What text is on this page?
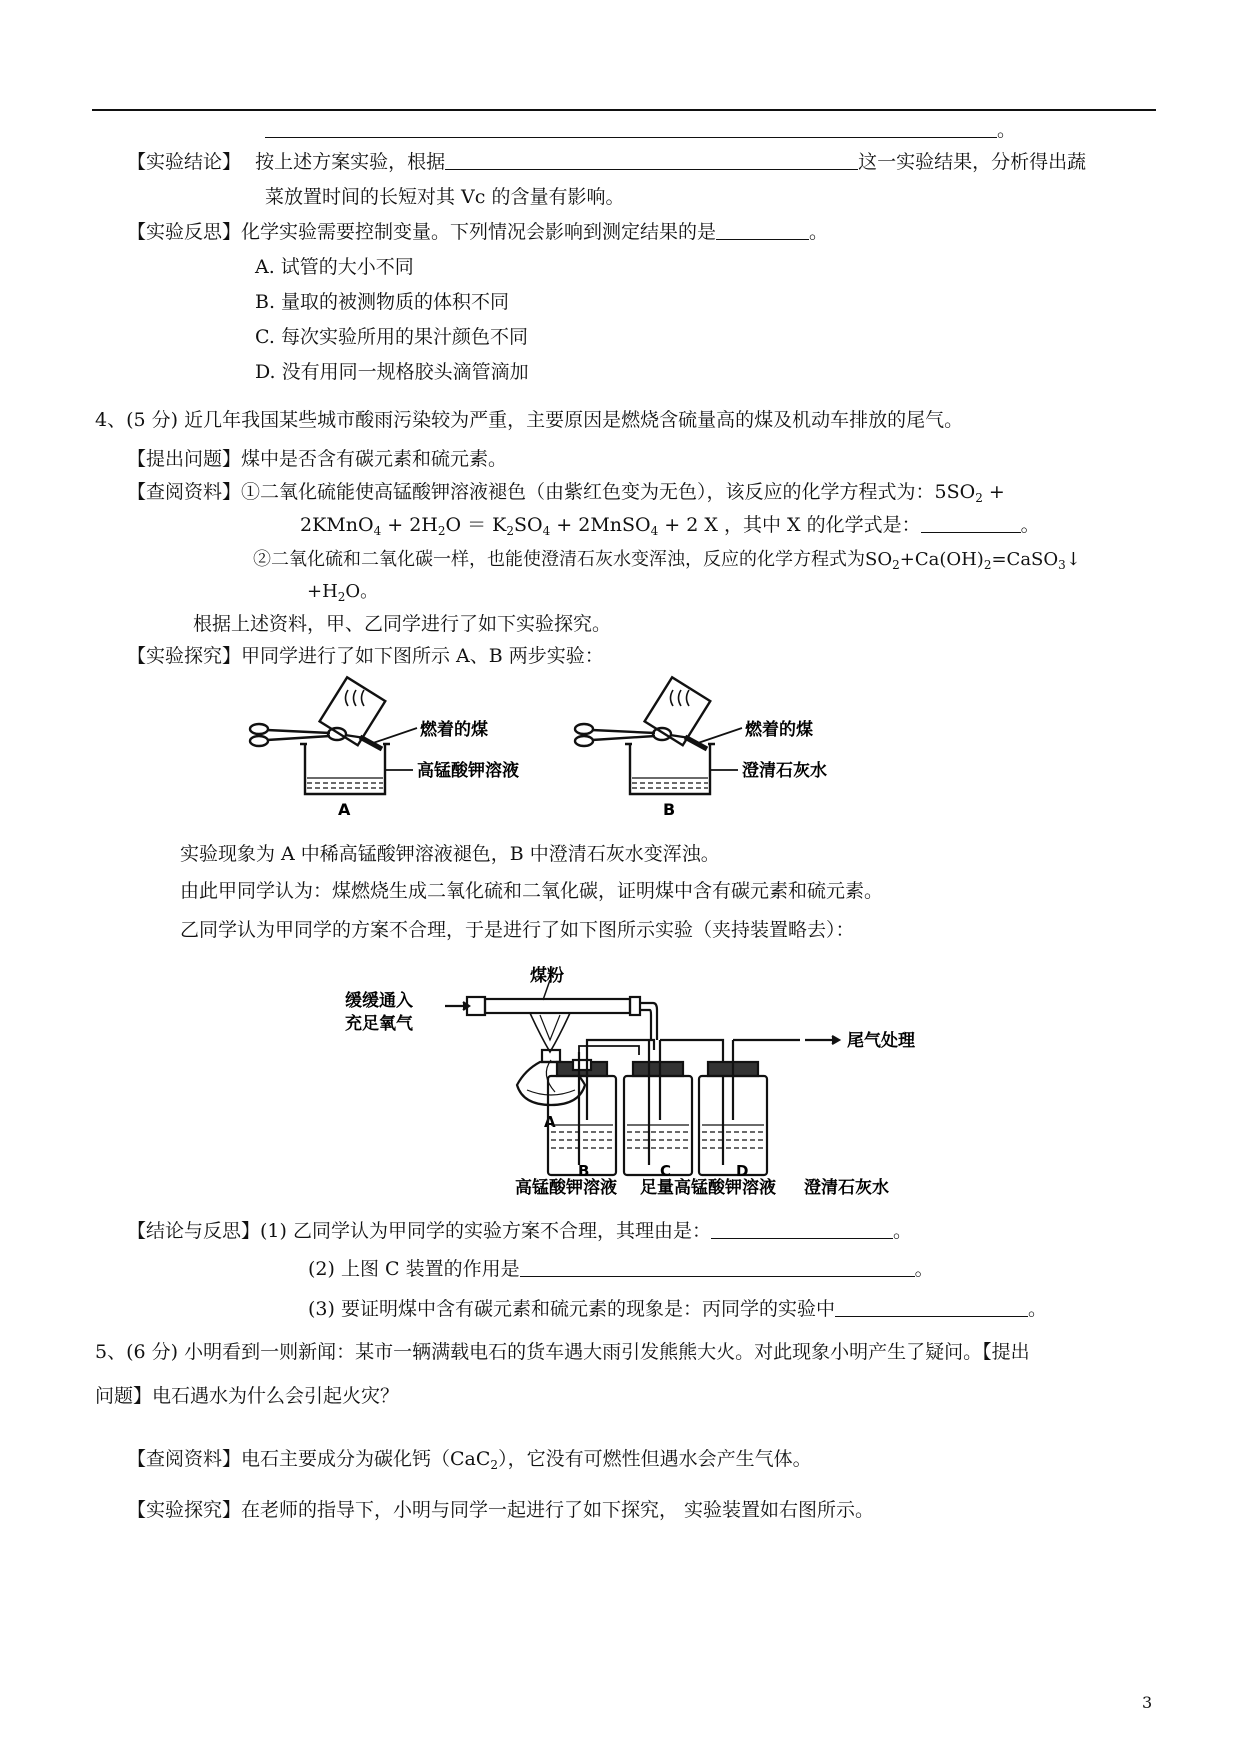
。
【实验结论】 按上述方案实验，根据	这一实验结果，分析得出蔬
菜放置时间的长短对其 Vc 的含量有影响。
【实验反思】化学实验需要控制变量。下列情况会影响到测定结果的是	。
A. 试管的大小不同
B. 量取的被测物质的体积不同
C. 每次实验所用的果汁颜色不同
D. 没有用同一规格胶头滴管滴加
4、(5 分) 近几年我国某些城市酸雨污染较为严重，主要原因是燃烧含硫量高的煤及机动车排放的尾气。
【提出问题】煤中是否含有碳元素和硫元素。
【查阅资料】①二氧化硫能使高锰酸钾溶液褪色（由紫红色变为无色），该反应的化学方程式为：$5SO_2$ +
2KMnO$_4$ + $2H_2O = K_2SO_4$ + 2MnSO$_4$ + 2 X ，其中 X 的化学式是：	。
②二氧化硫和二氧化碳一样，也能使澄清石灰水变浑浊，反应的化学方程式为$SO_2+Ca(OH)_2=CaSO_3↓$
$+H_2O$。
根据上述资料，甲、乙同学进行了如下实验探究。
【实验探究】甲同学进行了如下图所示 A、B 两步实验：
燃着的煤
高锰酸钾溶液
A
燃着的煤
澄清石灰水
B
实验现象为 A 中稀高锰酸钾溶液褪色，B 中澄清石灰水变浑浊。
由此甲同学认为：煤燃烧生成二氧化硫和二氧化碳，证明煤中含有碳元素和硫元素。
乙同学认为甲同学的方案不合理，于是进行了如下图所示实验（夹持装置略去）：
煤粉
缓缓通入
充足氧气
A
尾气处理
B	C	D
高锰酸钾溶液 足量高锰酸钾溶液 澄清石灰水
【结论与反思】(1) 乙同学认为甲同学的实验方案不合理，其理由是：	。
(2) 上图 C 装置的作用是	。
(3) 要证明煤中含有碳元素和硫元素的现象是：丙同学的实验中	。
5、(6 分) 小明看到一则新闻：某市一辆满载电石的货车遇大雨引发熊熊大火。对此现象小明产生了疑问。【提出
问题】电石遇水为什么会引起火灾？
【查阅资料】电石主要成分为碳化钙（CaC$_2$），它没有可燃性但遇水会产生气体。
【实验探究】在老师的指导下，小明与同学一起进行了如下探究， 实验装置如右图所示。
3
